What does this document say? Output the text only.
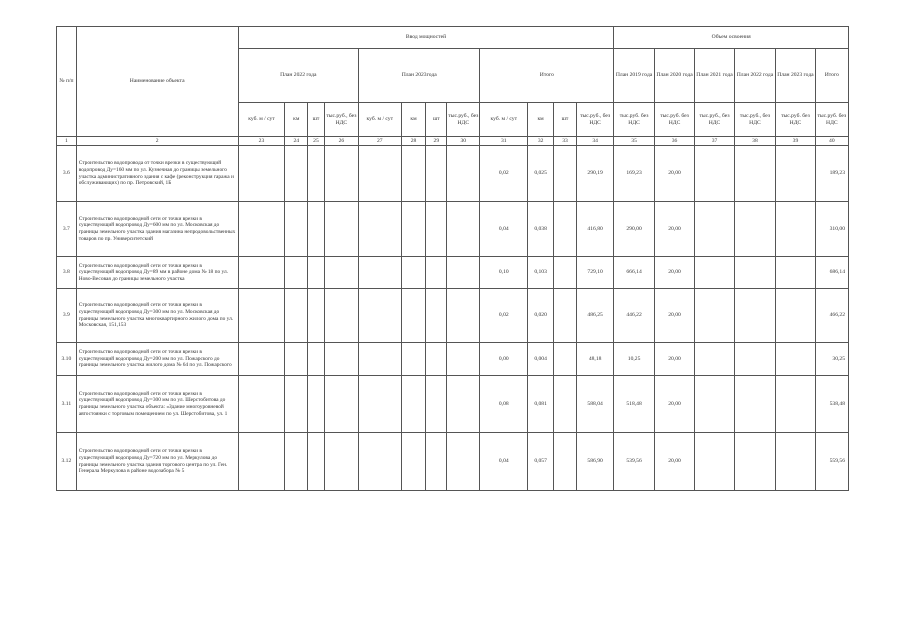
№ п/п	Наименование объекта	Ввод мощностей												Объем освоения					
		План 2022 года				План 2023года				Итого				План 2019 года	План 2020 года	План 2021 года	План 2022 года	План 2023 года	Итого
		куб. м / сут	км	шт	тыс.руб., без НДС	куб. м / сут	км	шт	тыс.руб., без НДС	куб. м / сут	км	шт	тыс.руб., без НДС	тыс.руб. без НДС	тыс.руб. без НДС	тыс.руб., без НДС	тыс.руб., без НДС	тыс.руб. без НДС	тыс.руб. без НДС
1	2	23	24	25	26	27	28	29	30	31	32	33	34	35	36	37	38	39	40
3.6	Строительство водопровода от точки врезки в существующий водопровод Ду=160 мм по ул. Кузнечная до границы земельного участка административного здания с кафе (реконструкция гаража и обслуживающих) по пр. Петровский, 1Б									0,02	0,025		290,19	169,23	20,00				189,23
3.7	Строительство водопроводной сети от точки врезки в существующий водопровод Ду=600 мм по ул. Московская до границы земельного участка здания магазина непродовольственных товаров по пр. Университетский									0,04	0,038		416,80	290,00	20,00				310,00
3.8	Строительство водопроводной сети от точки врезки в существующий водопровод Ду=89 мм в районе дома № 18 по ул. Ново-Весовая до границы земельного участка									0,10	0,103		729,10	666,14	20,00				686,14
3.9	Строительство водопроводной сети от точки врезки в существующий водопровод Ду=300 мм по ул. Московская до границы земельного участка многоквартирного жилого дома по ул. Московская, 151,153									0,02	0,020		486,25	446,22	20,00				466,22
3.10	Строительство водопроводной сети от точки врезки в существующий водопровод Ду=200 мм по ул. Пожарского до границы земельного участка жилого дома № 64 по ул. Пожарского									0,00	0,004		48,18	10,25	20,00				30,25
3.11	Строительство водопроводной сети от точки врезки в существующий водопровод Ду=300 мм по ул. Шерстобитова до границы земельного участка объекта: «Здание многоуровневой автостоянки с торговым помещением по ул. Шерстобитова, ул. 1									0,08	0,081		588,04	518,48	20,00				538,48
3.12	Строительство водопроводной сети от точки врезки в существующий водопровод Ду=720 мм по ул. Меркулова до границы земельного участка здания торгового центра по ул. Ген. Генерала Меркулова в районе водозабора № 5									0,04	0,057		586,90	539,56	20,00				559,56
